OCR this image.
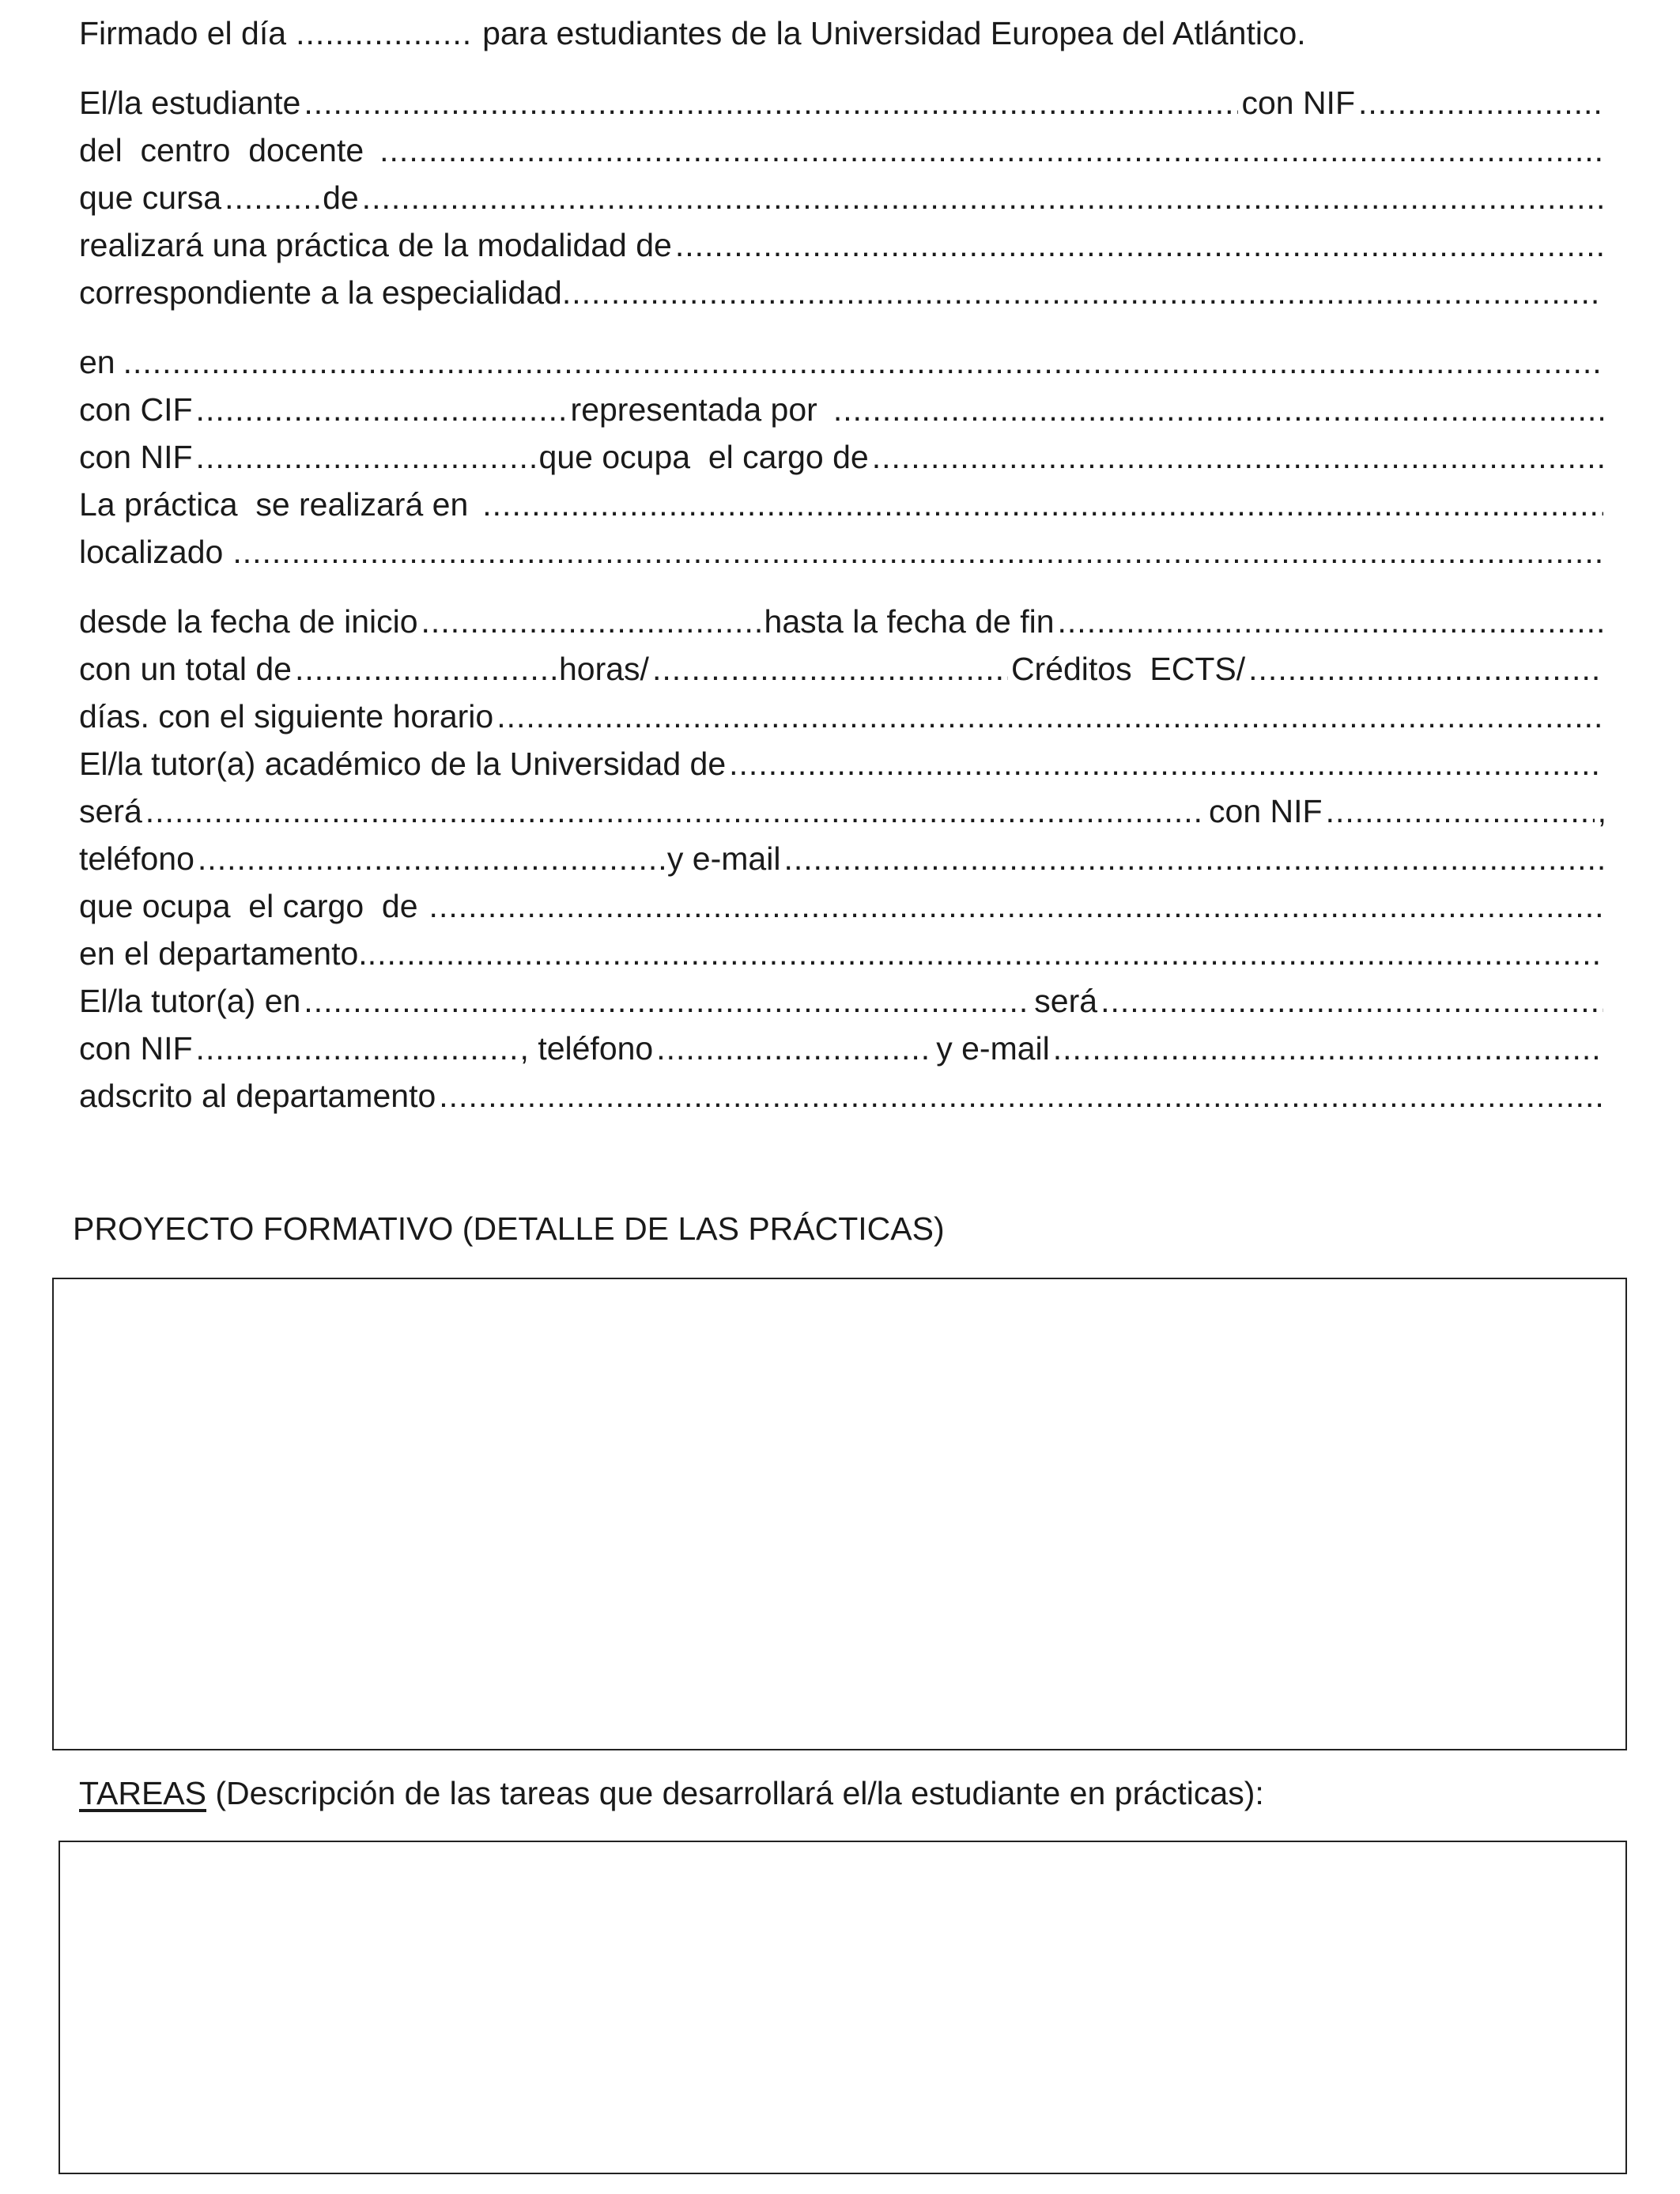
Firmado el día .....	para estudiantes de la Universidad Europea del Atlántico.
El/la estudiante .....	con NIF
.....
del  centro  docente
.....
que cursa .....	de
.....
realizará una práctica de la modalidad de
.....
correspondiente a la especialidad
.....
en
.....
con CIF .....	representada por
.....
con NIF .....	que ocupa  el cargo de
.....
La práctica  se realizará en
.....
localizado
.....
desde la fecha de inicio .....	hasta la fecha de fin
.....
con un total de .....	horas/ .....	Créditos  ECTS/
.....
días. con el siguiente horario
.....
El/la tutor(a) académico de la Universidad de
.....
será .....	con NIF .....	,
teléfono .....	y e-mail
.....
que ocupa  el cargo  de
.....
en el departamento.
.....
El/la tutor(a) en .....	será
.....
con NIF .....	, teléfono .....	y e-mail
.....
adscrito al departamento
.....
PROYECTO FORMATIVO (DETALLE DE LAS PRÁCTICAS)
TAREAS (Descripción de las tareas que desarrollará el/la estudiante en prácticas):
